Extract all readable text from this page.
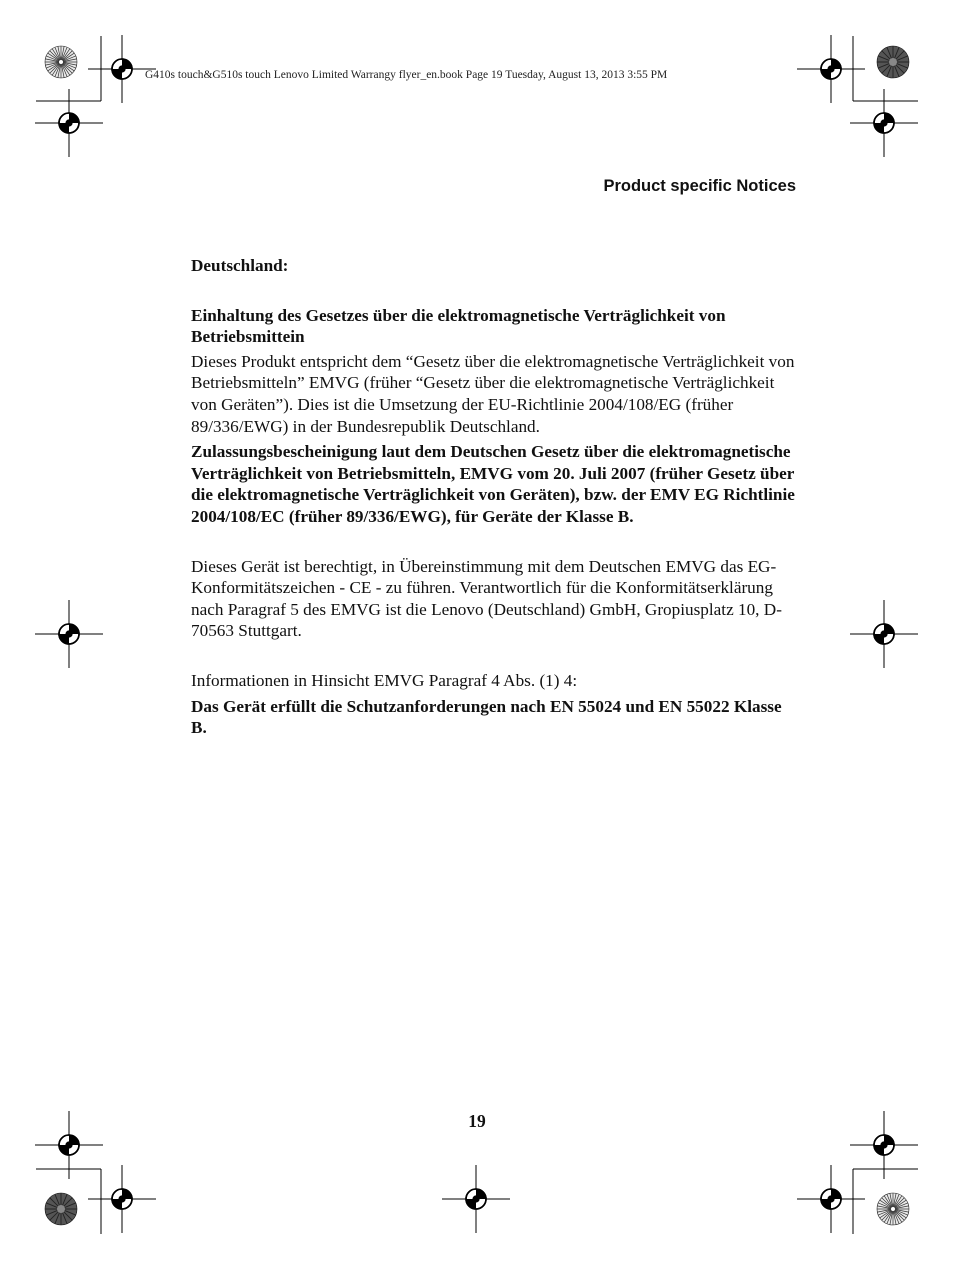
G410s touch&G510s touch Lenovo Limited Warrangy flyer_en.book Page 19 Tuesday, August 13, 2013 3:55 PM
Product specific Notices

Deutschland:

Einhaltung des Gesetzes über die elektromagnetische Verträglichkeit von Betriebsmittein

Dieses Produkt entspricht dem “Gesetz über die elektromagnetische Verträglichkeit von Betriebsmitteln” EMVG (früher “Gesetz über die elektromagnetische Verträglichkeit von Geräten”). Dies ist die Umsetzung der EU-Richtlinie 2004/108/EG (früher 89/336/EWG) in der Bundesrepublik Deutschland.

Zulassungsbescheinigung laut dem Deutschen Gesetz über die elektromagnetische Verträglichkeit von Betriebsmitteln, EMVG vom 20. Juli 2007 (früher Gesetz über die elektromagnetische Verträglichkeit von Geräten), bzw. der EMV EG Richtlinie 2004/108/EC (früher 89/336/EWG), für Geräte der Klasse B.

Dieses Gerät ist berechtigt, in Übereinstimmung mit dem Deutschen EMVG das EG-Konformitätszeichen - CE - zu führen. Verantwortlich für die Konformitätserklärung nach Paragraf 5 des EMVG ist die Lenovo (Deutschland) GmbH, Gropiusplatz 10, D-70563 Stuttgart.

Informationen in Hinsicht EMVG Paragraf 4 Abs. (1) 4:

Das Gerät erfüllt die Schutzanforderungen nach EN 55024 und EN 55022 Klasse B.

19
